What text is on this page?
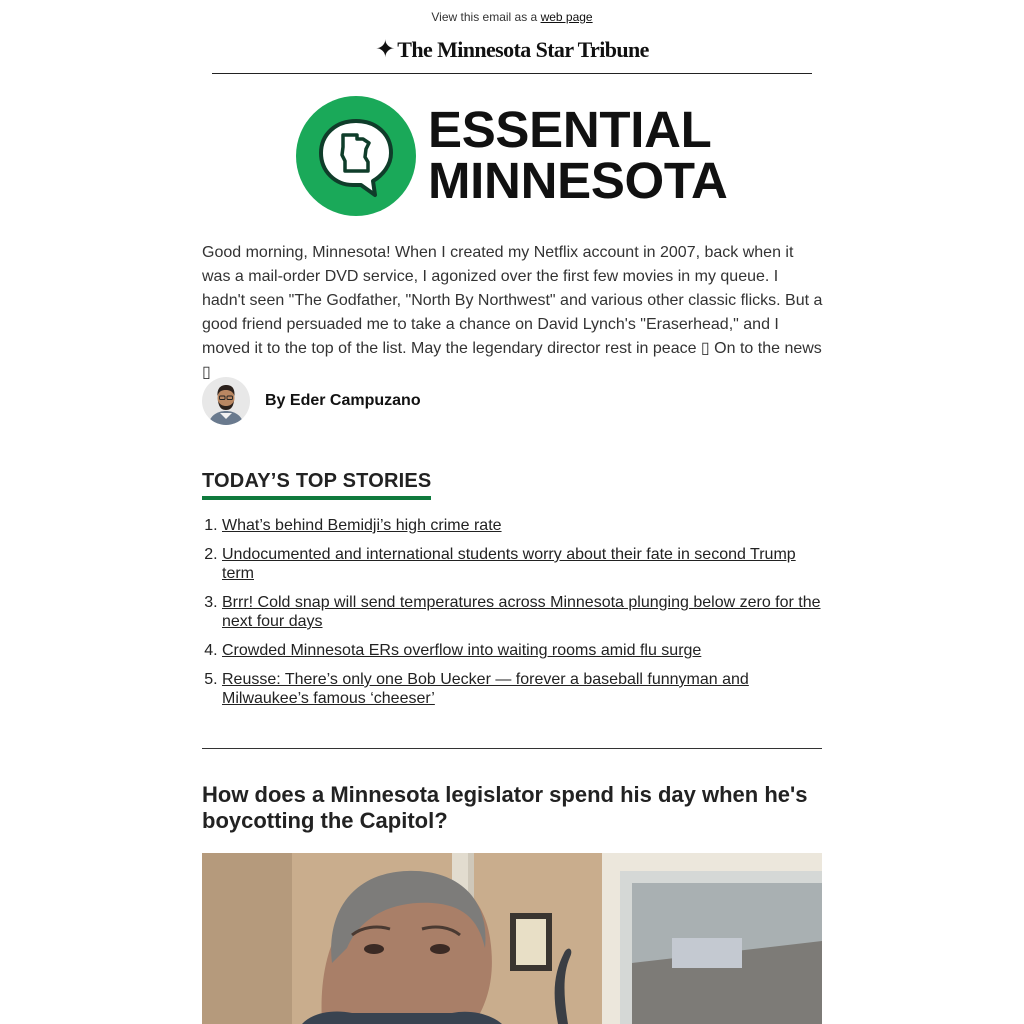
View this email as a web page
✦ The Minnesota Star Tribune
ESSENTIAL
MINNESOTA
Good morning, Minnesota! When I created my Netflix account in 2007, back when it was a mail-order DVD service, I agonized over the first few movies in my queue. I hadn't seen "The Godfather, "North By Northwest" and various other classic flicks. But a good friend persuaded me to take a chance on David Lynch's "Eraserhead," and I moved it to the top of the list. May the legendary director rest in peace ▯ On to the news ▯
By Eder Campuzano
TODAY’S TOP STORIES
1. What’s behind Bemidji’s high crime rate
2. Undocumented and international students worry about their fate in second Trump term
3. Brrr! Cold snap will send temperatures across Minnesota plunging below zero for the next four days
4. Crowded Minnesota ERs overflow into waiting rooms amid flu surge
5. Reusse: There’s only one Bob Uecker — forever a baseball funnyman and Milwaukee’s famous ‘cheeser’
How does a Minnesota legislator spend his day when he's boycotting the Capitol?
